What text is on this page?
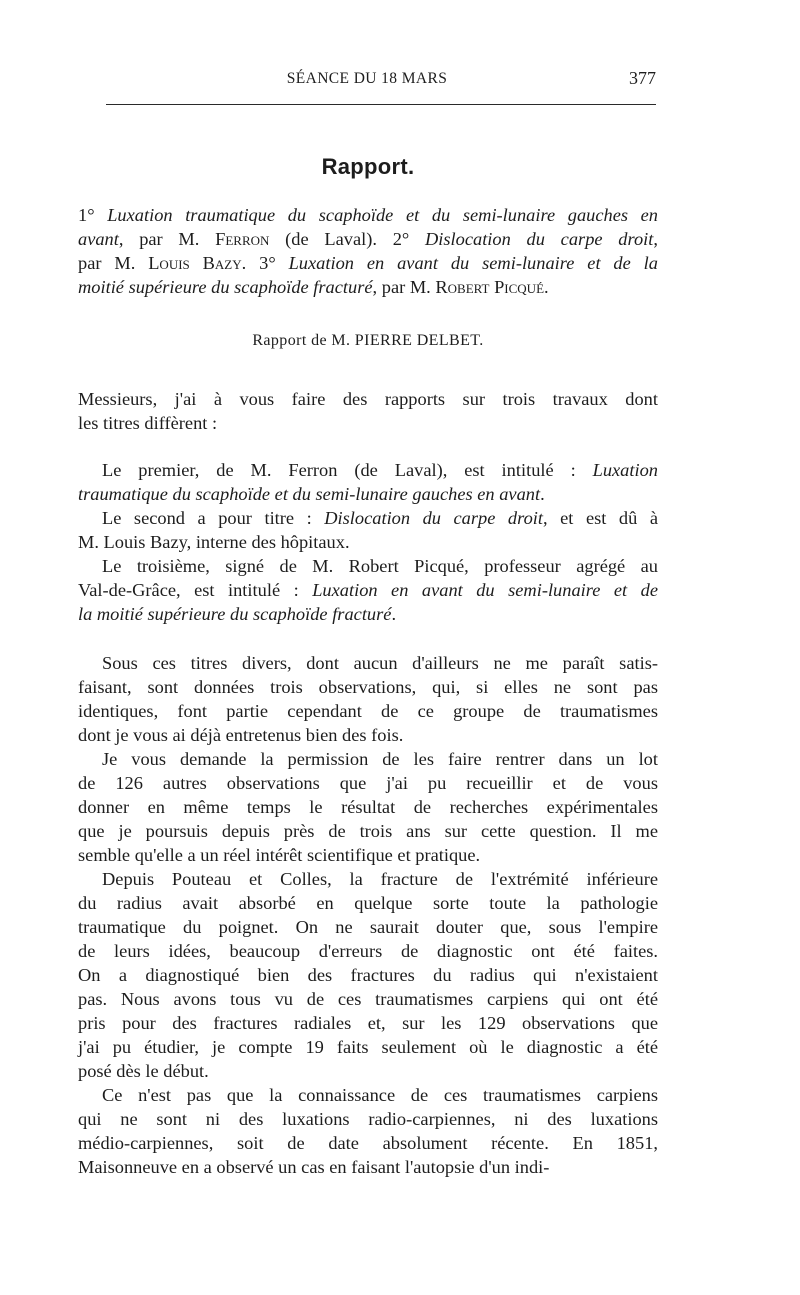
SÉANCE DU 18 MARS	377
Rapport.
1° Luxation traumatique du scaphoïde et du semi-lunaire gauches en
avant, par M. Ferron (de Laval). 2° Dislocation du carpe droit,
par M. Louis Bazy. 3° Luxation en avant du semi-lunaire et de la
moitié supérieure du scaphoïde fracturé, par M. Robert Picqué.
Rapport de M. PIERRE DELBET.
Messieurs, j'ai à vous faire des rapports sur trois travaux dont
les titres diffèrent :
Le premier, de M. Ferron (de Laval), est intitulé : Luxation
traumatique du scaphoïde et du semi-lunaire gauches en avant.
Le second a pour titre : Dislocation du carpe droit, et est dû à
M. Louis Bazy, interne des hôpitaux.
Le troisième, signé de M. Robert Picqué, professeur agrégé au
Val-de-Grâce, est intitulé : Luxation en avant du semi-lunaire et de
la moitié supérieure du scaphoïde fracturé.
Sous ces titres divers, dont aucun d'ailleurs ne me paraît satis-
faisant, sont données trois observations, qui, si elles ne sont pas
identiques, font partie cependant de ce groupe de traumatismes
dont je vous ai déjà entretenus bien des fois.
Je vous demande la permission de les faire rentrer dans un lot
de 126 autres observations que j'ai pu recueillir et de vous
donner en même temps le résultat de recherches expérimentales
que je poursuis depuis près de trois ans sur cette question. Il me
semble qu'elle a un réel intérêt scientifique et pratique.
Depuis Pouteau et Colles, la fracture de l'extrémité inférieure
du radius avait absorbé en quelque sorte toute la pathologie
traumatique du poignet. On ne saurait douter que, sous l'empire
de leurs idées, beaucoup d'erreurs de diagnostic ont été faites.
On a diagnostiqué bien des fractures du radius qui n'existaient
pas. Nous avons tous vu de ces traumatismes carpiens qui ont été
pris pour des fractures radiales et, sur les 129 observations que
j'ai pu étudier, je compte 19 faits seulement où le diagnostic a été
posé dès le début.
Ce n'est pas que la connaissance de ces traumatismes carpiens
qui ne sont ni des luxations radio-carpiennes, ni des luxations
médio-carpiennes, soit de date absolument récente. En 1851,
Maisonneuve en a observé un cas en faisant l'autopsie d'un indi-
